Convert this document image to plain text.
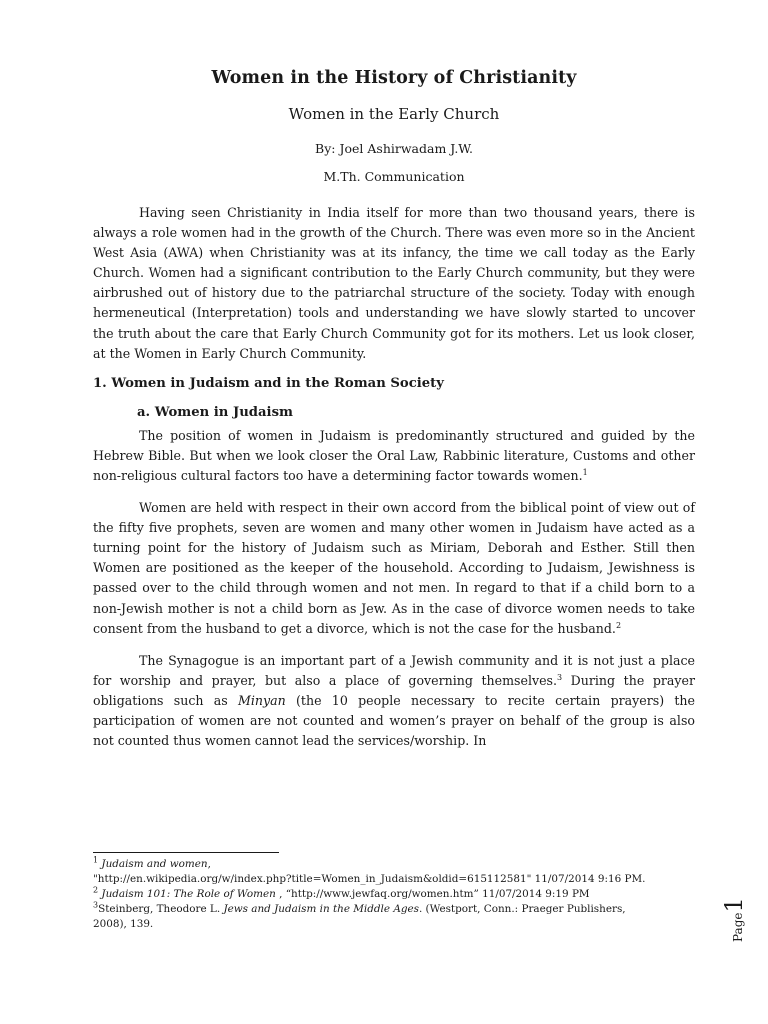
Women in the History of Christianity
Women in the Early Church
By: Joel Ashirwadam J.W.
M.Th. Communication

Having seen Christianity in India itself for more than two thousand years, there is always a role women had in the growth of the Church. There was even more so in the Ancient West Asia (AWA) when Christianity was at its infancy, the time we call today as the Early Church. Women had a significant contribution to the Early Church community, but they were airbrushed out of history due to the patriarchal structure of the society. Today with enough hermeneutical (Interpretation) tools and understanding we have slowly started to uncover the truth about the care that Early Church Community got for its mothers. Let us look closer, at the Women in Early Church Community.

1. Women in Judaism and in the Roman Society
a. Women in Judaism

The position of women in Judaism is predominantly structured and guided by the Hebrew Bible. But when we look closer the Oral Law, Rabbinic literature, Customs and other non-religious cultural factors too have a determining factor towards women.$^1$

Women are held with respect in their own accord from the biblical point of view out of the fifty five prophets, seven are women and many other women in Judaism have acted as a turning point for the history of Judaism such as Miriam, Deborah and Esther. Still then Women are positioned as the keeper of the household. According to Judaism, Jewishness is passed over to the child through women and not men. In regard to that if a child born to a non-Jewish mother is not a child born as Jew. As in the case of divorce women needs to take consent from the husband to get a divorce, which is not the case for the husband.$^2$

The Synagogue is an important part of a Jewish community and it is not just a place for worship and prayer, but also a place of governing themselves.$^3$ During the prayer obligations such as Minyan (the 10 people necessary to recite certain prayers) the participation of women are not counted and women’s prayer on behalf of the group is also not counted thus women cannot lead the services/worship. In

$^1$ Judaism and women,
"http://en.wikipedia.org/w/index.php?title=Women_in_Judaism&oldid=615112581" 11/07/2014 9:16 PM.
$^2$ Judaism 101: The Role of Women , “http://www.jewfaq.org/women.htm” 11/07/2014 9:19 PM
$^3$Steinberg, Theodore L. Jews and Judaism in the Middle Ages. (Westport, Conn.: Praeger Publishers, 2008), 139.	Page1
